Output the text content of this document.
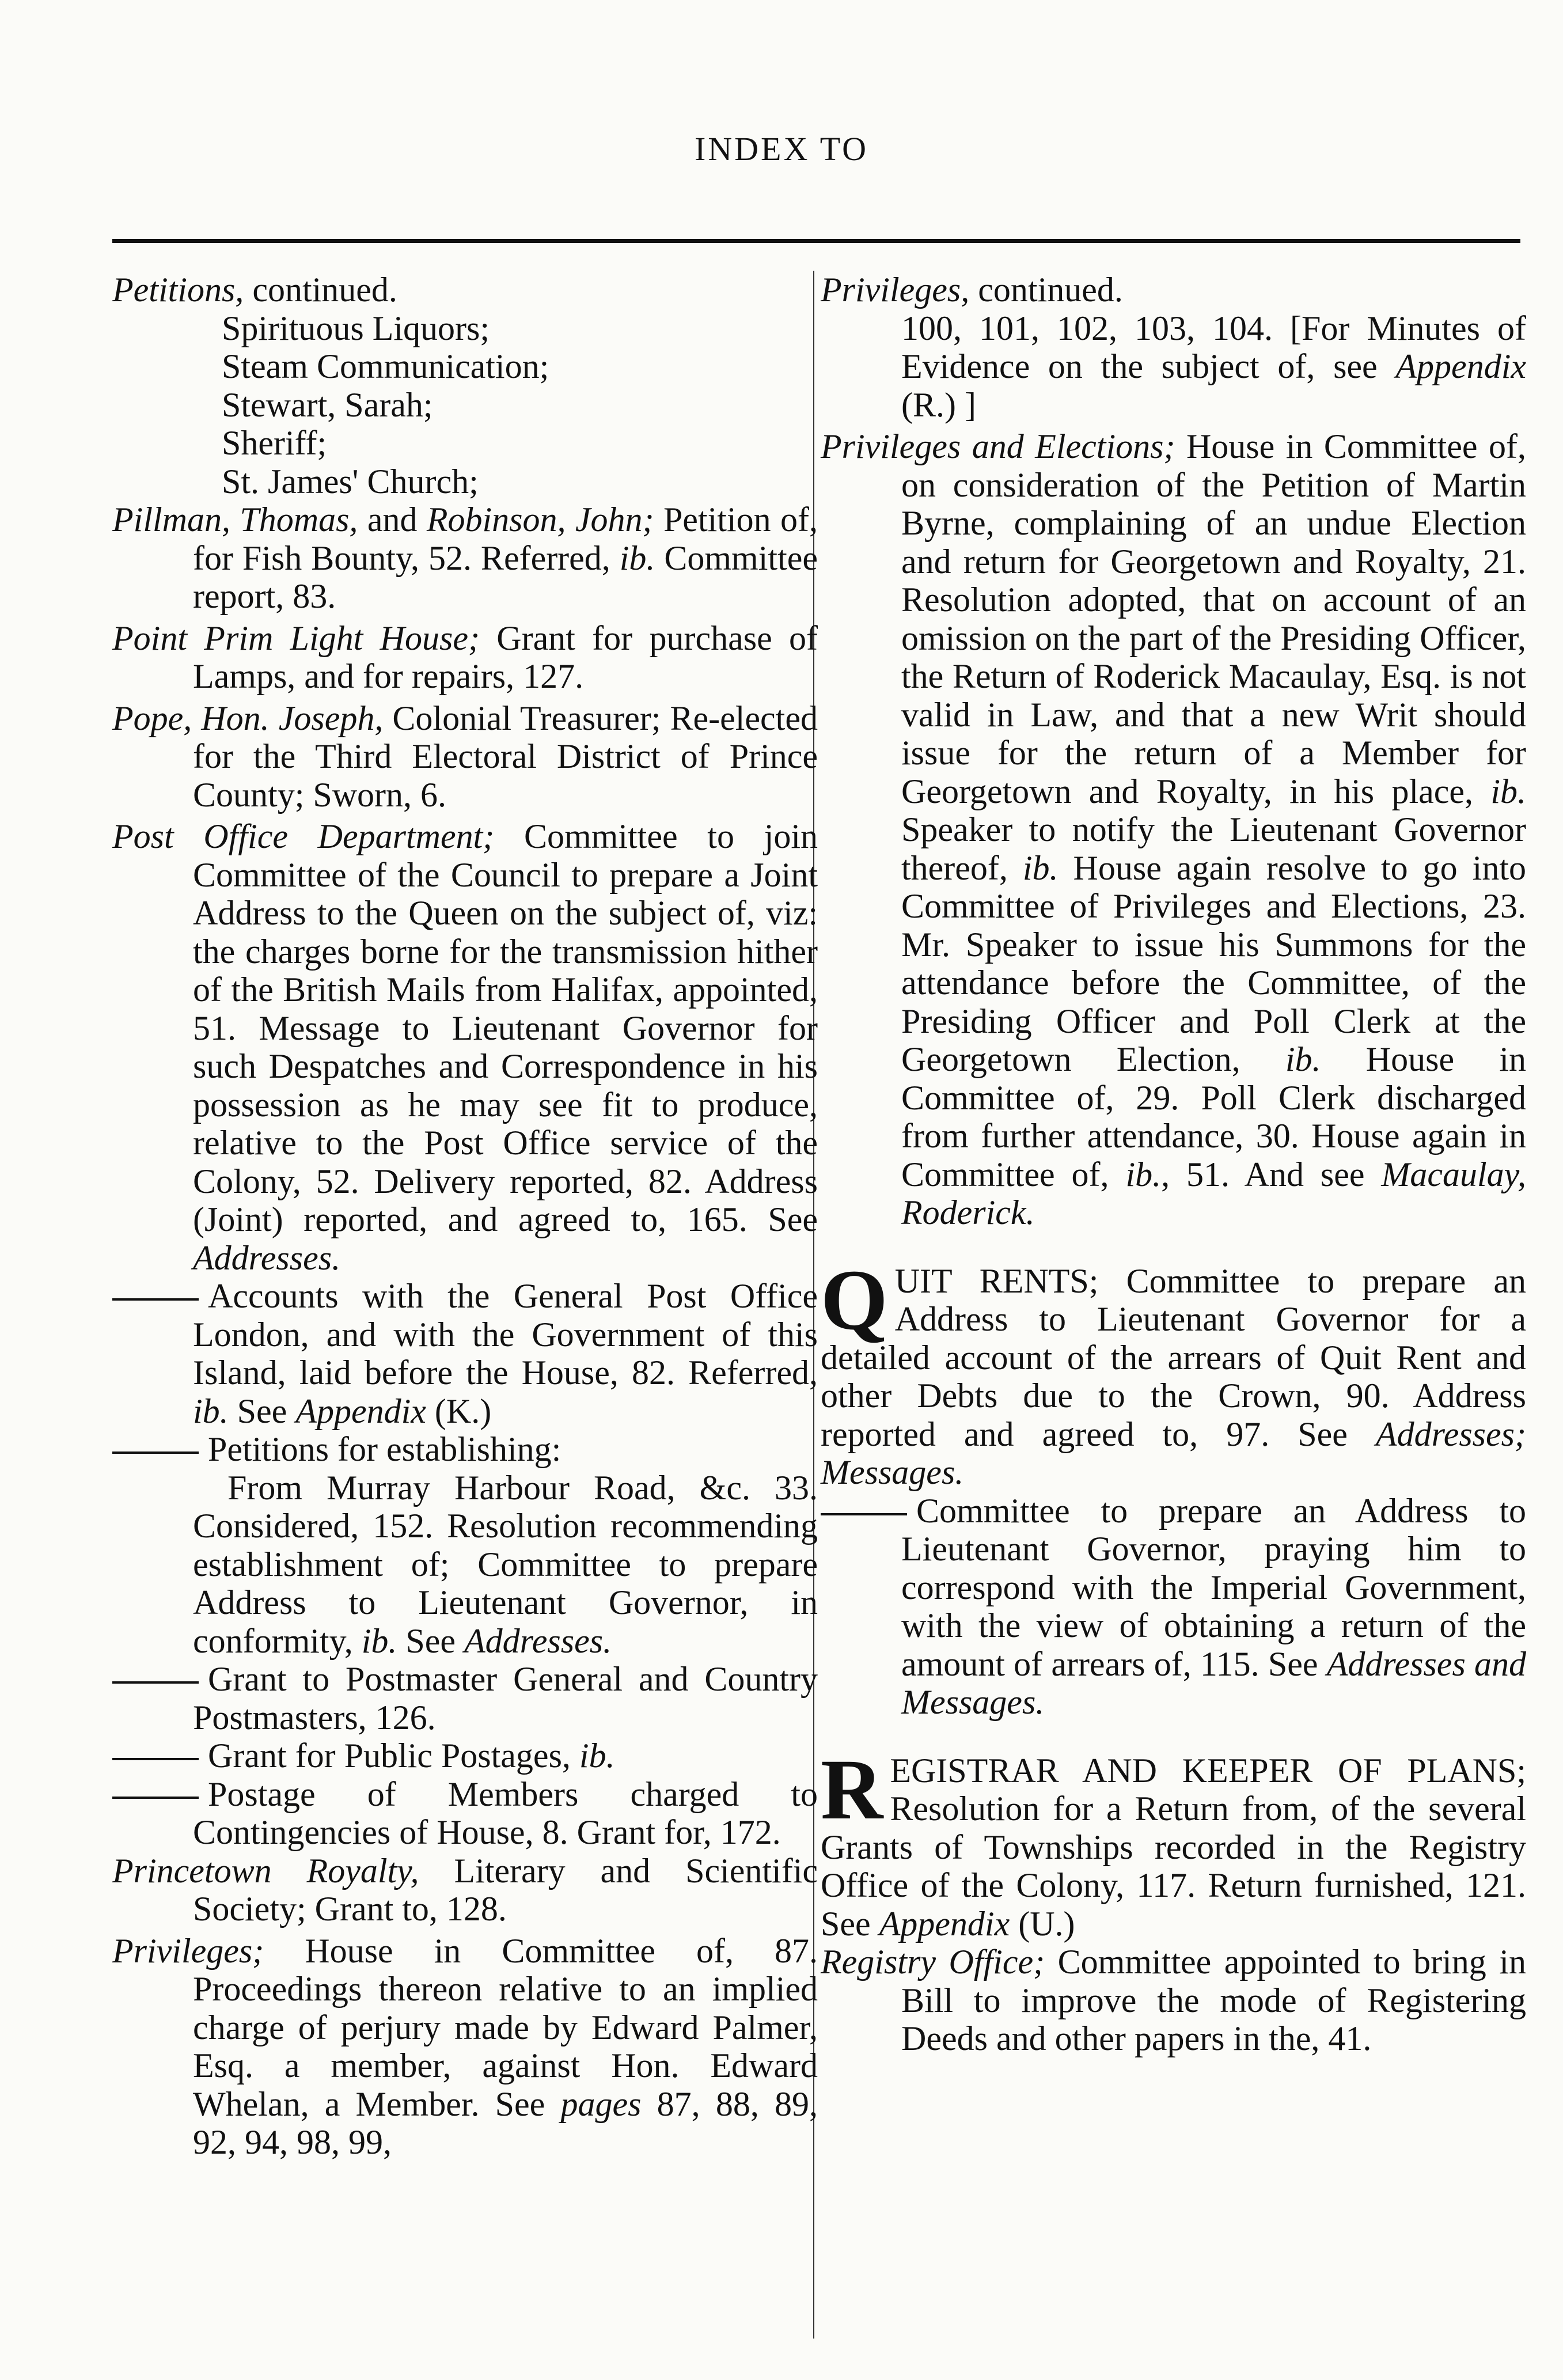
INDEX TO

Petitions, continued.

Spirituous Liquors;
Steam Communication;
Stewart, Sarah;
Sheriff;
St. James' Church;

Pillman, Thomas, and Robinson, John; Petition of, for Fish Bounty, 52. Referred, ib. Committee report, 83.

Point Prim Light House; Grant for purchase of Lamps, and for repairs, 127.

Pope, Hon. Joseph, Colonial Treasurer; Re-elected for the Third Electoral District of Prince County; Sworn, 6.

Post Office Department; Committee to join Committee of the Council to prepare a Joint Address to the Queen on the subject of, viz: the charges borne for the transmission hither of the British Mails from Halifax, appointed, 51. Message to Lieutenant Governor for such Despatches and Correspondence in his possession as he may see fit to produce, relative to the Post Office service of the Colony, 52. Delivery reported, 82. Address (Joint) reported, and agreed to, 165. See Addresses.

Accounts with the General Post Office London, and with the Government of this Island, laid before the House, 82. Referred, ib. See Appendix (K.)

Petitions for establishing:

From Murray Harbour Road, &c. 33. Considered, 152. Resolution recommending establishment of; Committee to prepare Address to Lieutenant Governor, in conformity, ib. See Addresses.

Grant to Postmaster General and Country Postmasters, 126.

Grant for Public Postages, ib.

Postage of Members charged to Contingencies of House, 8. Grant for, 172.

Princetown Royalty, Literary and Scientific Society; Grant to, 128.

Privileges; House in Committee of, 87. Proceedings thereon relative to an implied charge of perjury made by Edward Palmer, Esq. a member, against Hon. Edward Whelan, a Member. See pages 87, 88, 89, 92, 94, 98, 99,

Privileges, continued.
100, 101, 102, 103, 104. [For Minutes of Evidence on the subject of, see Appendix (R.) ]

Privileges and Elections; House in Committee of, on consideration of the Petition of Martin Byrne, complaining of an undue Election and return for Georgetown and Royalty, 21. Resolution adopted, that on account of an omission on the part of the Presiding Officer, the Return of Roderick Macaulay, Esq. is not valid in Law, and that a new Writ should issue for the return of a Member for Georgetown and Royalty, in his place, ib. Speaker to notify the Lieutenant Governor thereof, ib. House again resolve to go into Committee of Privileges and Elections, 23. Mr. Speaker to issue his Summons for the attendance before the Committee, of the Presiding Officer and Poll Clerk at the Georgetown Election, ib. House in Committee of, 29. Poll Clerk discharged from further attendance, 30. House again in Committee of, ib., 51. And see Macaulay, Roderick.

QUIT RENTS; Committee to prepare an Address to Lieutenant Governor for a detailed account of the arrears of Quit Rent and other Debts due to the Crown, 90. Address reported and agreed to, 97. See Addresses; Messages.

Committee to prepare an Address to Lieutenant Governor, praying him to correspond with the Imperial Government, with the view of obtaining a return of the amount of arrears of, 115. See Addresses and Messages.

REGISTRAR AND KEEPER OF PLANS; Resolution for a Return from, of the several Grants of Townships recorded in the Registry Office of the Colony, 117. Return furnished, 121. See Appendix (U.)

Registry Office; Committee appointed to bring in Bill to improve the mode of Registering Deeds and other papers in the, 41.
